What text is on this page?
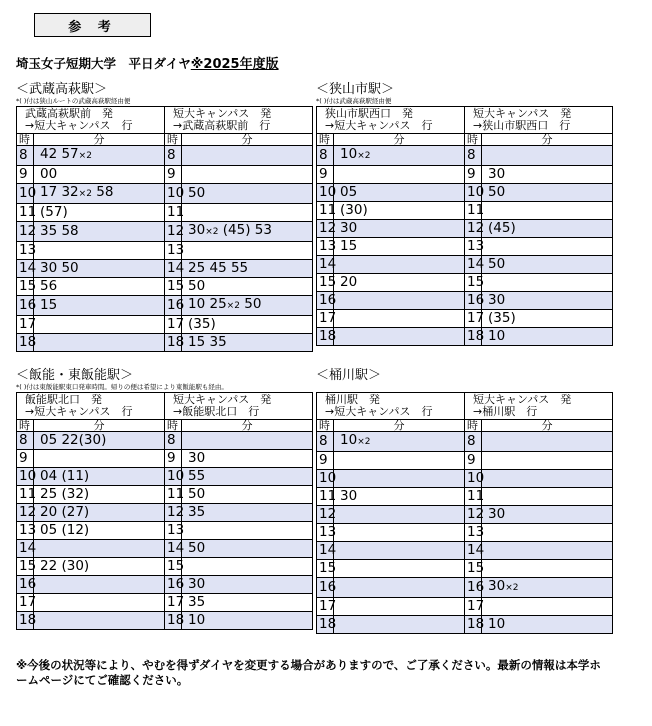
参 考
埼玉女子短期大学　平日ダイヤ※2025年度版
＜武蔵高萩駅＞
*( )付は狭山ルートの武蔵高萩駅経由便
武蔵高萩駅前　発
→短大キャンパス　行		短大キャンパス　発
→武蔵高萩駅前　行	
時	分	時	分
8	42 57×2	8	
9	00	9	
10	17 32×2 58	10	50
11	(57)	11	
12	35 58	12	30×2 (45) 53
13		13	
14	30 50	14	25 45 55
15	56	15	50
16	15	16	10 25×2 50
17		17	(35)
18		18	15 35
＜狭山市駅＞
*( )付は武蔵高萩駅経由便
狭山市駅西口　発
→短大キャンパス　行		短大キャンパス　発
→狭山市駅西口　行	
時	分	時	分
8	10×2	8	
9		9	30
10	05	10	50
11	(30)	11	
12	30	12	(45)
13	15	13	
14		14	50
15	20	15	
16		16	30
17		17	(35)
18		18	10
＜飯能・東飯能駅＞
*( )付は東飯能駅東口発車時間。帰りの便は希望により東飯能駅も経由。
飯能駅北口　発
→短大キャンパス　行		短大キャンパス　発
→飯能駅北口　行	
時	分	時	分
8	05 22(30)	8	
9		9	30
10	04 (11)	10	55
11	25 (32)	11	50
12	20 (27)	12	35
13	05 (12)	13	
14		14	50
15	22 (30)	15	
16		16	30
17		17	35
18		18	10
＜桶川駅＞
桶川駅　発
→短大キャンパス　行		短大キャンパス　発
→桶川駅　行	
時	分	時	分
8	10×2	8	
9		9	
10		10	
11	30	11	
12		12	30
13		13	
14		14	
15		15	
16		16	30×2
17		17	
18		18	10
※今後の状況等により、やむを得ずダイヤを変更する場合がありますので、ご了承ください。最新の情報は本学ホームページにてご確認ください。
